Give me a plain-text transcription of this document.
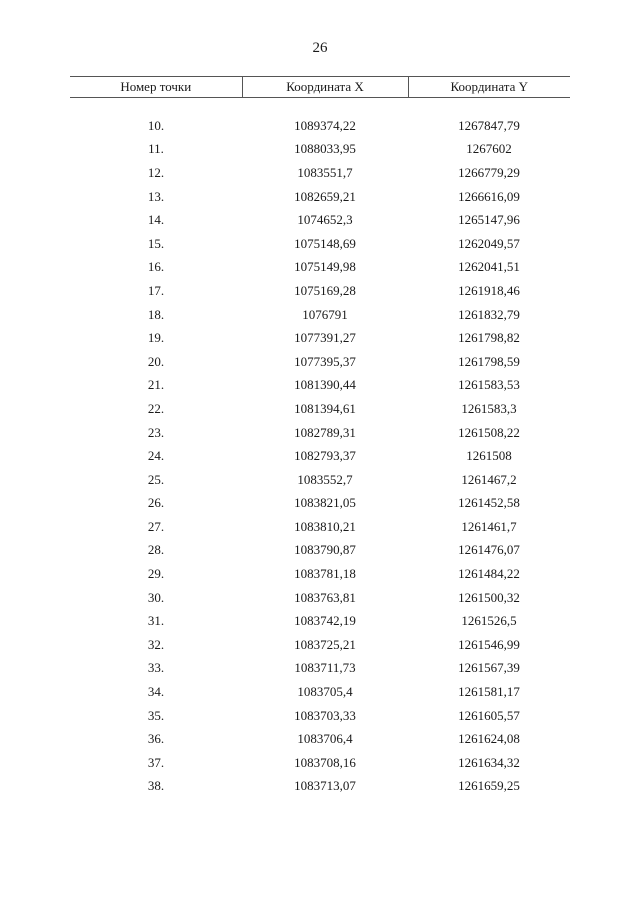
26
Номер точки	Координата X	Координата Y

10.	1089374,22	1267847,79
11.	1088033,95	1267602
12.	1083551,7	1266779,29
13.	1082659,21	1266616,09
14.	1074652,3	1265147,96
15.	1075148,69	1262049,57
16.	1075149,98	1262041,51
17.	1075169,28	1261918,46
18.	1076791	1261832,79
19.	1077391,27	1261798,82
20.	1077395,37	1261798,59
21.	1081390,44	1261583,53
22.	1081394,61	1261583,3
23.	1082789,31	1261508,22
24.	1082793,37	1261508
25.	1083552,7	1261467,2
26.	1083821,05	1261452,58
27.	1083810,21	1261461,7
28.	1083790,87	1261476,07
29.	1083781,18	1261484,22
30.	1083763,81	1261500,32
31.	1083742,19	1261526,5
32.	1083725,21	1261546,99
33.	1083711,73	1261567,39
34.	1083705,4	1261581,17
35.	1083703,33	1261605,57
36.	1083706,4	1261624,08
37.	1083708,16	1261634,32
38.	1083713,07	1261659,25
